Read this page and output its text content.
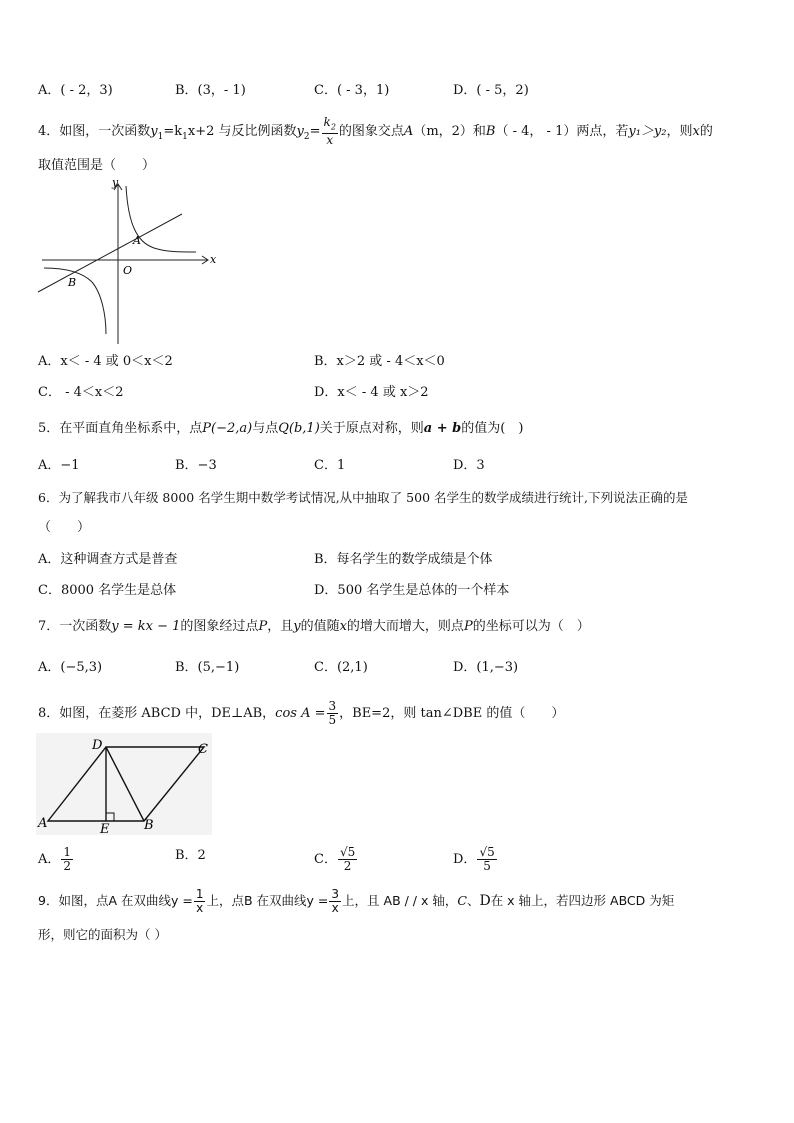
A．( - 2，3)	B．(3，- 1)	C．( - 3，1)	D．( - 5，2)
4．如图，一次函数$y_1=k_1x+2$ 与反比例函数$y_2= \frac{k_2}{x}$ 的图象交点A（m，2）和B（ - 4， - 1）两点，若y₁＞y₂，则x的
取值范围是（　　）
y
x
A
O
B
A．x＜ - 4 或 0＜x＜2	B．x＞2 或 - 4＜x＜0
C． - 4＜x＜2	D．x＜ - 4 或 x＞2
5．在平面直角坐标系中，点P(−2,a)与点Q(b,1)关于原点对称，则a + b的值为(　)
A．−1	B．−3	C．1	D．3
6．为了解我市八年级 8000 名学生期中数学考试情况,从中抽取了 500 名学生的数学成绩进行统计,下列说法正确的是
（　　）
A．这种调查方式是普查	B．每名学生的数学成绩是个体
C．8000 名学生是总体	D．500 名学生是总体的一个样本
7．一次函数y = kx − 1的图象经过点P，且y的值随x的增大而增大，则点P的坐标可以为（　）
A．(−5,3)	B．(5,−1)	C．(2,1)	D．(1,−3)
8．如图，在菱形 ABCD 中，DE⊥AB，$\cos A = \frac{3}{5}$ ，BE=2，则 tan∠DBE 的值（　　）
D	C
A	E	B
A． $\frac{1}{2}$	B．2	C． $\frac{√5}{2}$	D． $\frac{√5}{5}$
9．如图，点A 在双曲线$y = \frac{1}{x}$ 上，点B 在双曲线$y = \frac{3}{x}$ 上，且 AB / / x 轴，C、D在 x 轴上，若四边形 ABCD 为矩
形，则它的面积为（ ）
